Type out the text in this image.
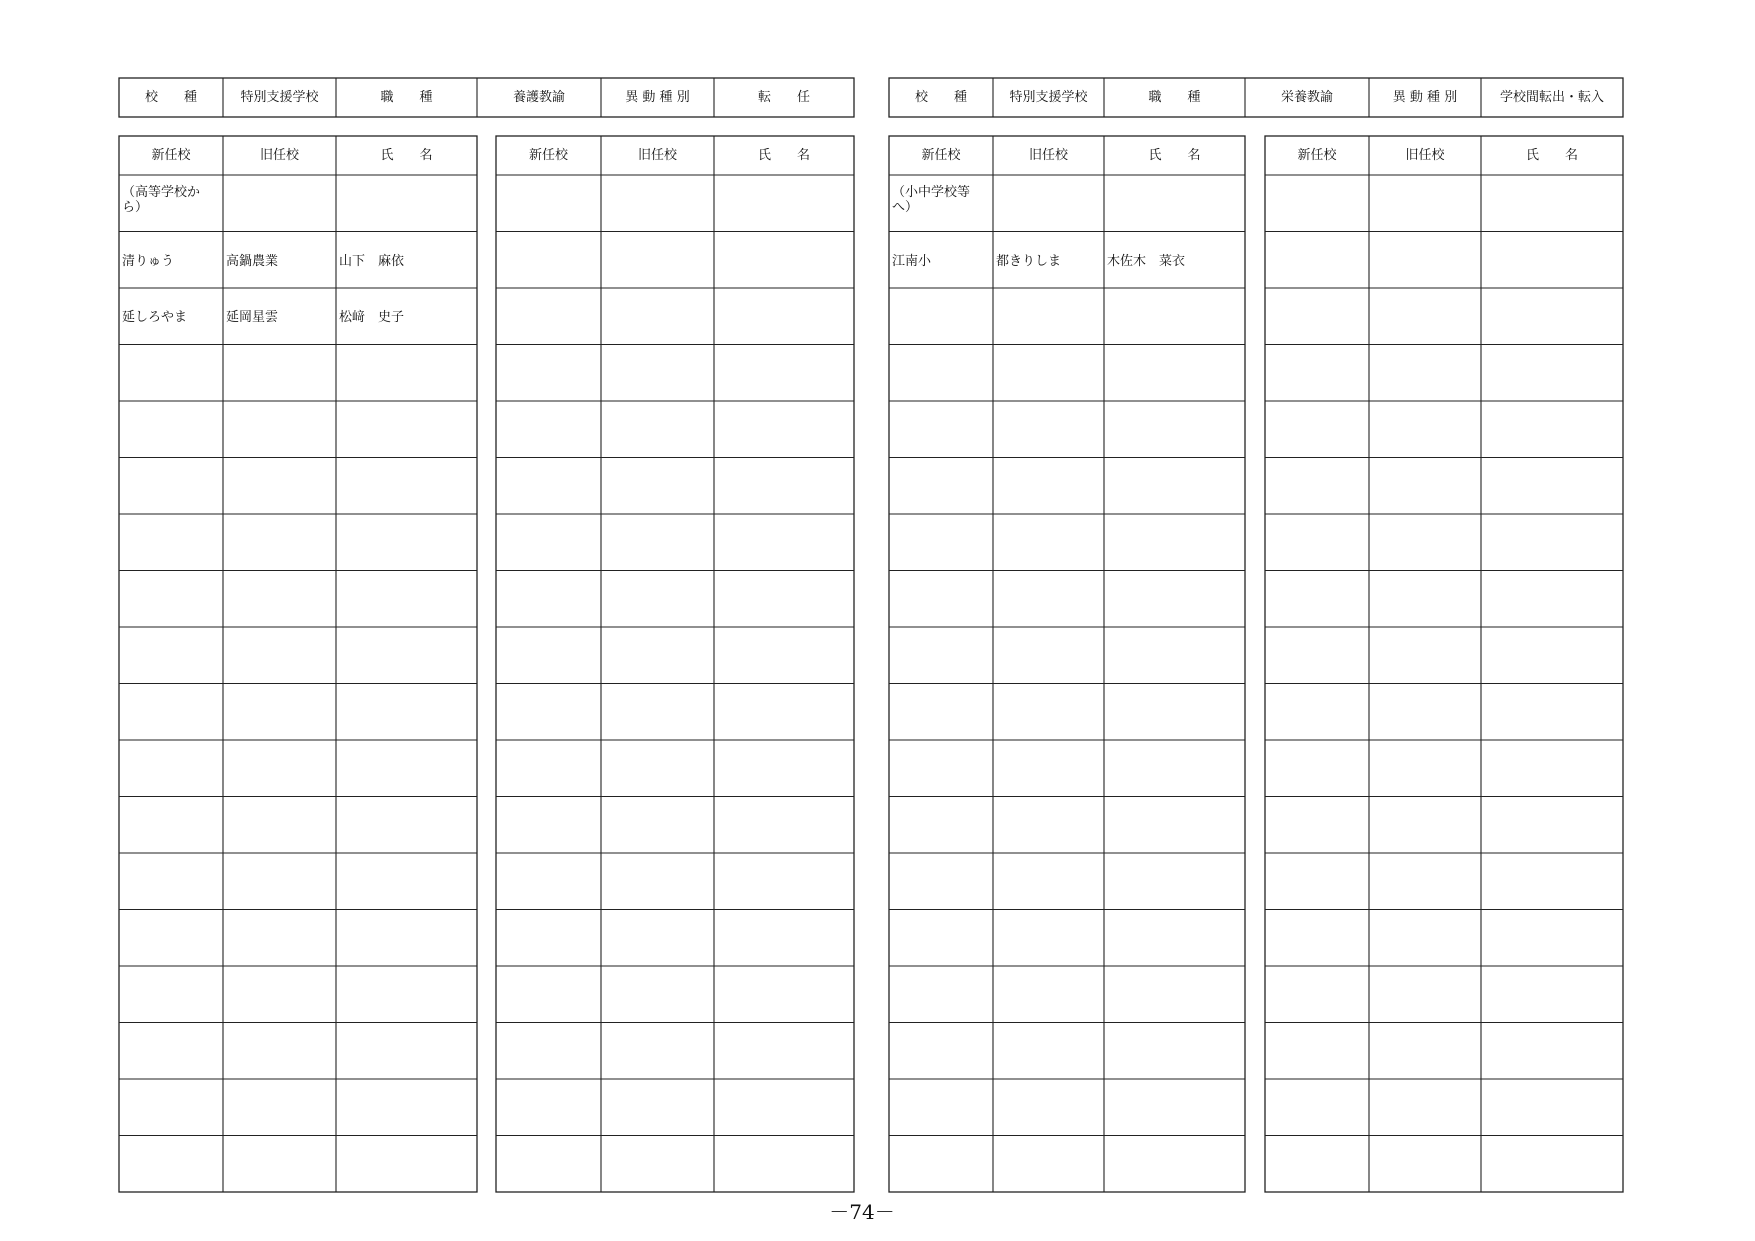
校　　種	特別支援学校	職　　種	養護教諭	異 動 種 別	転　　任	校　　種	特別支援学校	職　　種	栄養教諭	異 動 種 別	学校間転出・転入
新任校	旧任校	氏　　名
（高等学校から）
清りゅう	高鍋農業	山下　麻依
延しろやま	延岡星雲	松﨑　史子
新任校	旧任校	氏　　名	新任校	旧任校	氏　　名
（小中学校等へ）
江南小	都きりしま	木佐木　菜衣
新任校	旧任校	氏　　名
－74－
